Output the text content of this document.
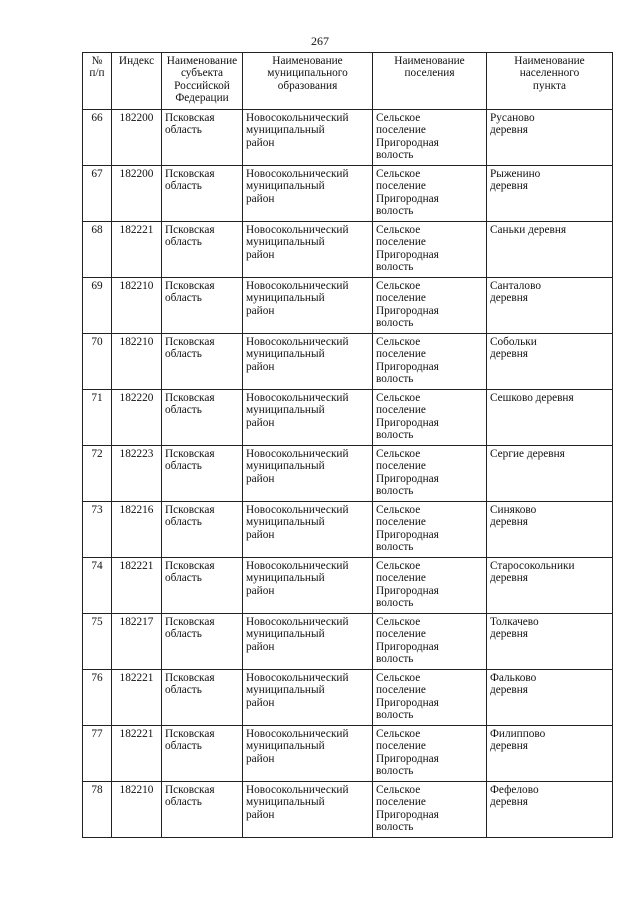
267
№
п/п	Индекс	Наименование
субъекта
Российской
Федерации	Наименование
муниципального
образования	Наименование
поселения	Наименование
населенного
пункта
66	182200	Псковская
область	Новосокольнический
муниципальный
район	Сельское
поселение
Пригородная
волость	Русаново
деревня
67	182200	Псковская
область	Новосокольнический
муниципальный
район	Сельское
поселение
Пригородная
волость	Рыженино
деревня
68	182221	Псковская
область	Новосокольнический
муниципальный
район	Сельское
поселение
Пригородная
волость	Саньки деревня
69	182210	Псковская
область	Новосокольнический
муниципальный
район	Сельское
поселение
Пригородная
волость	Санталово
деревня
70	182210	Псковская
область	Новосокольнический
муниципальный
район	Сельское
поселение
Пригородная
волость	Собольки
деревня
71	182220	Псковская
область	Новосокольнический
муниципальный
район	Сельское
поселение
Пригородная
волость	Сешково деревня
72	182223	Псковская
область	Новосокольнический
муниципальный
район	Сельское
поселение
Пригородная
волость	Сергие деревня
73	182216	Псковская
область	Новосокольнический
муниципальный
район	Сельское
поселение
Пригородная
волость	Синяково
деревня
74	182221	Псковская
область	Новосокольнический
муниципальный
район	Сельское
поселение
Пригородная
волость	Старосокольники
деревня
75	182217	Псковская
область	Новосокольнический
муниципальный
район	Сельское
поселение
Пригородная
волость	Толкачево
деревня
76	182221	Псковская
область	Новосокольнический
муниципальный
район	Сельское
поселение
Пригородная
волость	Фальково
деревня
77	182221	Псковская
область	Новосокольнический
муниципальный
район	Сельское
поселение
Пригородная
волость	Филиппово
деревня
78	182210	Псковская
область	Новосокольнический
муниципальный
район	Сельское
поселение
Пригородная
волость	Фефелово
деревня
